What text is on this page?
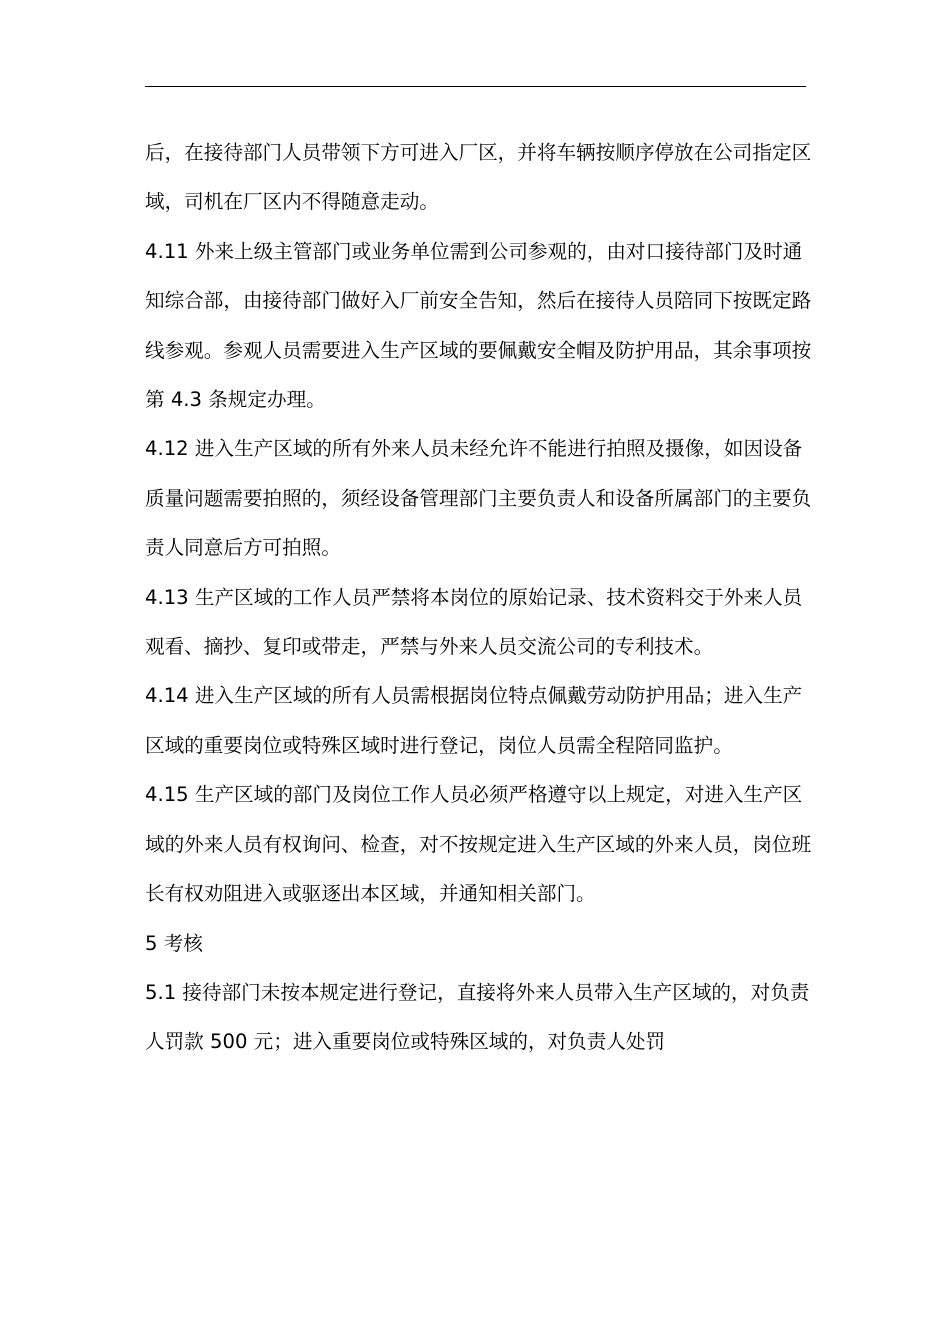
后，在接待部门人员带领下方可进入厂区，并将车辆按顺序停放在公司指定区域，司机在厂区内不得随意走动。

4.11 外来上级主管部门或业务单位需到公司参观的，由对口接待部门及时通知综合部，由接待部门做好入厂前安全告知，然后在接待人员陪同下按既定路线参观。参观人员需要进入生产区域的要佩戴安全帽及防护用品，其余事项按第 4.3 条规定办理。

4.12 进入生产区域的所有外来人员未经允许不能进行拍照及摄像，如因设备质量问题需要拍照的，须经设备管理部门主要负责人和设备所属部门的主要负责人同意后方可拍照。

4.13 生产区域的工作人员严禁将本岗位的原始记录、技术资料交于外来人员观看、摘抄、复印或带走，严禁与外来人员交流公司的专利技术。

4.14 进入生产区域的所有人员需根据岗位特点佩戴劳动防护用品；进入生产区域的重要岗位或特殊区域时进行登记，岗位人员需全程陪同监护。

4.15 生产区域的部门及岗位工作人员必须严格遵守以上规定，对进入生产区域的外来人员有权询问、检查，对不按规定进入生产区域的外来人员，岗位班长有权劝阻进入或驱逐出本区域，并通知相关部门。

5 考核

5.1 接待部门未按本规定进行登记，直接将外来人员带入生产区域的，对负责人罚款 500 元；进入重要岗位或特殊区域的，对负责人处罚
